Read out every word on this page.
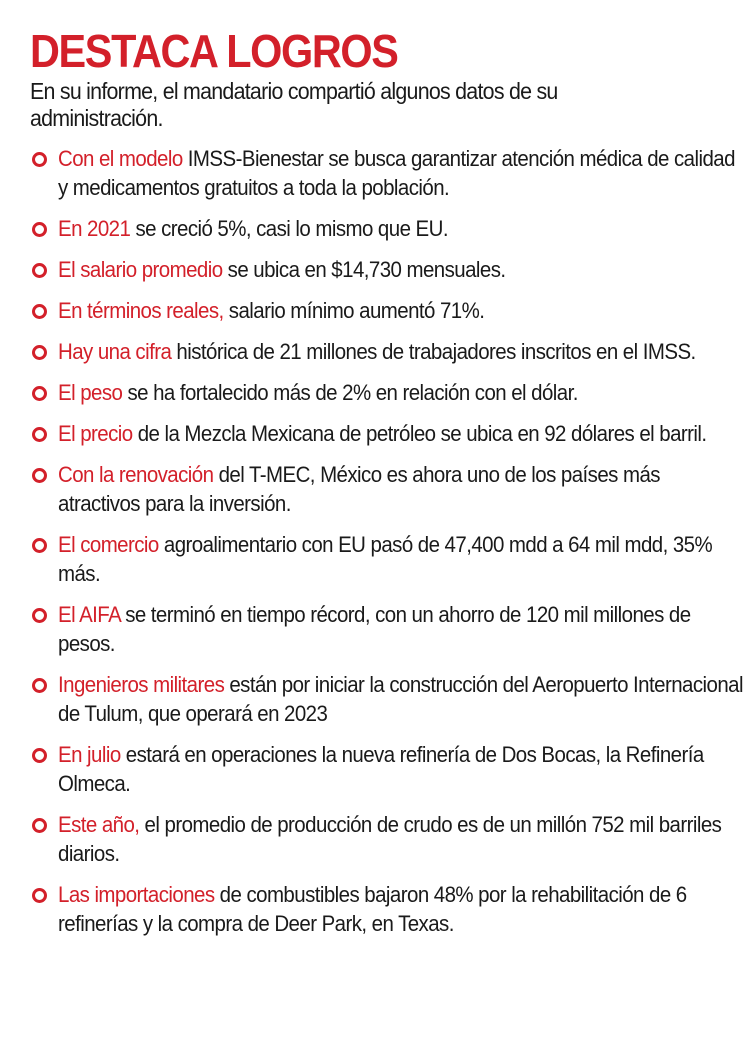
DESTACA LOGROS

En su informe, el mandatario compartió algunos datos de su administración.

Con el modelo IMSS-Bienestar se busca garantizar atención médica de calidad y medicamentos gratuitos a toda la población.
En 2021 se creció 5%, casi lo mismo que EU.
El salario promedio se ubica en $14,730 mensuales.
En términos reales, salario mínimo aumentó 71%.
Hay una cifra histórica de 21 millones de trabajadores inscritos en el IMSS.
El peso se ha fortalecido más de 2% en relación con el dólar.
El precio de la Mezcla Mexicana de petróleo se ubica en 92 dólares el barril.
Con la renovación del T-MEC, México es ahora uno de los países más atractivos para la inversión.
El comercio agroalimentario con EU pasó de 47,400 mdd a 64 mil mdd, 35% más.
El AIFA se terminó en tiempo récord, con un ahorro de 120 mil millones de pesos.
Ingenieros militares están por iniciar la construcción del Aeropuerto Internacional de Tulum, que operará en 2023
En julio estará en operaciones la nueva refinería de Dos Bocas, la Refinería Olmeca.
Este año, el promedio de producción de crudo es de un millón 752 mil barriles diarios.
Las importaciones de combustibles bajaron 48% por la rehabilitación de 6 refinerías y la compra de Deer Park, en Texas.
